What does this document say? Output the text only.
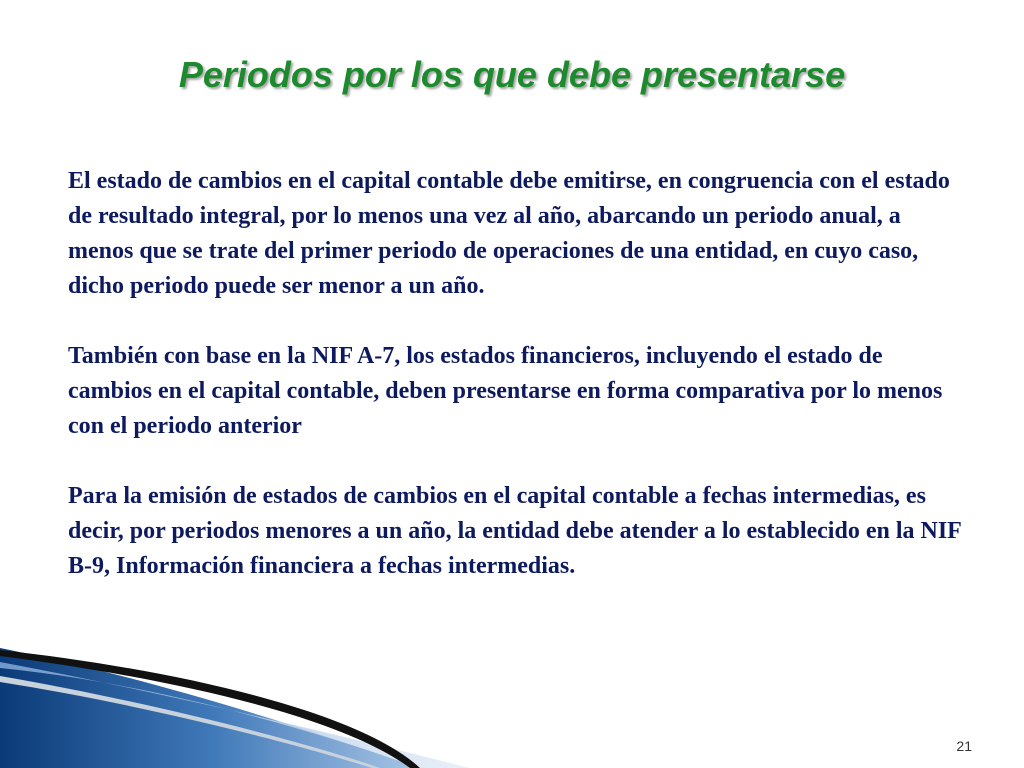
Periodos por los que debe presentarse

El estado de cambios en el capital contable debe emitirse, en congruencia con el estado de resultado integral, por lo menos una vez al año, abarcando un periodo anual, a menos que se trate del primer periodo de operaciones de una entidad, en cuyo caso, dicho periodo puede ser menor a un año.

También con base en la NIF A-7, los estados financieros, incluyendo el estado de cambios en el capital contable, deben presentarse en forma comparativa por lo menos con el periodo anterior

Para la emisión de estados de cambios en el capital contable a fechas intermedias, es decir, por periodos menores a un año, la entidad debe atender a lo establecido en la NIF B-9, Información financiera a fechas intermedias.

21
